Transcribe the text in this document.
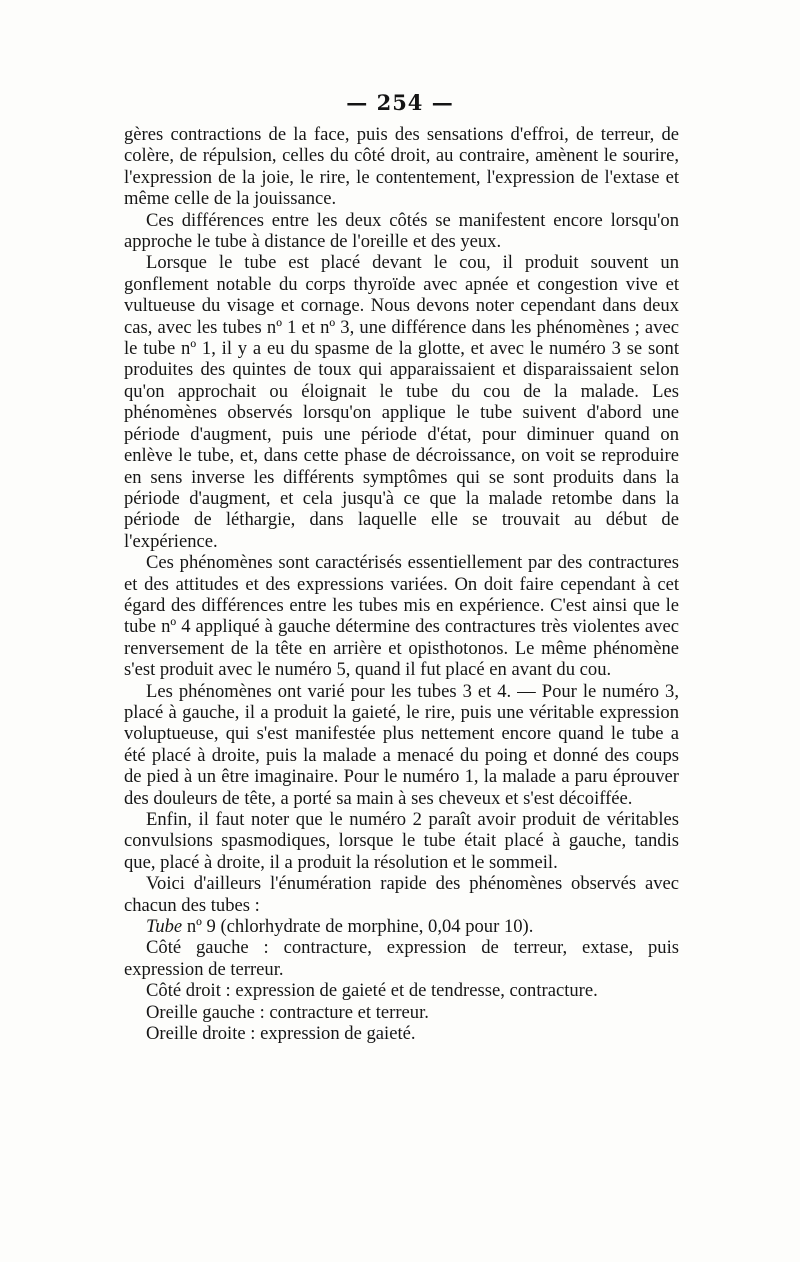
— 254 —

gères contractions de la face, puis des sensations d'effroi, de terreur, de colère, de répulsion, celles du côté droit, au contraire, amènent le sourire, l'expression de la joie, le rire, le contentement, l'expression de l'extase et même celle de la jouissance.

Ces différences entre les deux côtés se manifestent encore lorsqu'on approche le tube à distance de l'oreille et des yeux.

Lorsque le tube est placé devant le cou, il produit souvent un gonflement notable du corps thyroïde avec apnée et congestion vive et vultueuse du visage et cornage. Nous devons noter cependant dans deux cas, avec les tubes nº 1 et nº 3, une différence dans les phénomènes ; avec le tube nº 1, il y a eu du spasme de la glotte, et avec le numéro 3 se sont produites des quintes de toux qui apparaissaient et disparaissaient selon qu'on approchait ou éloignait le tube du cou de la malade. Les phénomènes observés lorsqu'on applique le tube suivent d'abord une période d'augment, puis une période d'état, pour diminuer quand on enlève le tube, et, dans cette phase de décroissance, on voit se reproduire en sens inverse les différents symptômes qui se sont produits dans la période d'augment, et cela jusqu'à ce que la malade retombe dans la période de léthargie, dans laquelle elle se trouvait au début de l'expérience.

Ces phénomènes sont caractérisés essentiellement par des contractures et des attitudes et des expressions variées. On doit faire cependant à cet égard des différences entre les tubes mis en expérience. C'est ainsi que le tube nº 4 appliqué à gauche détermine des contractures très violentes avec renversement de la tête en arrière et opisthotonos. Le même phénomène s'est produit avec le numéro 5, quand il fut placé en avant du cou.

Les phénomènes ont varié pour les tubes 3 et 4. — Pour le numéro 3, placé à gauche, il a produit la gaieté, le rire, puis une véritable expression voluptueuse, qui s'est manifestée plus nettement encore quand le tube a été placé à droite, puis la malade a menacé du poing et donné des coups de pied à un être imaginaire. Pour le numéro 1, la malade a paru éprouver des douleurs de tête, a porté sa main à ses cheveux et s'est décoiffée.

Enfin, il faut noter que le numéro 2 paraît avoir produit de véritables convulsions spasmodiques, lorsque le tube était placé à gauche, tandis que, placé à droite, il a produit la résolution et le sommeil.

Voici d'ailleurs l'énumération rapide des phénomènes observés avec chacun des tubes :

Tube nº 9 (chlorhydrate de morphine, 0,04 pour 10).

Côté gauche : contracture, expression de terreur, extase, puis expression de terreur.

Côté droit : expression de gaieté et de tendresse, contracture.

Oreille gauche : contracture et terreur.

Oreille droite : expression de gaieté.
